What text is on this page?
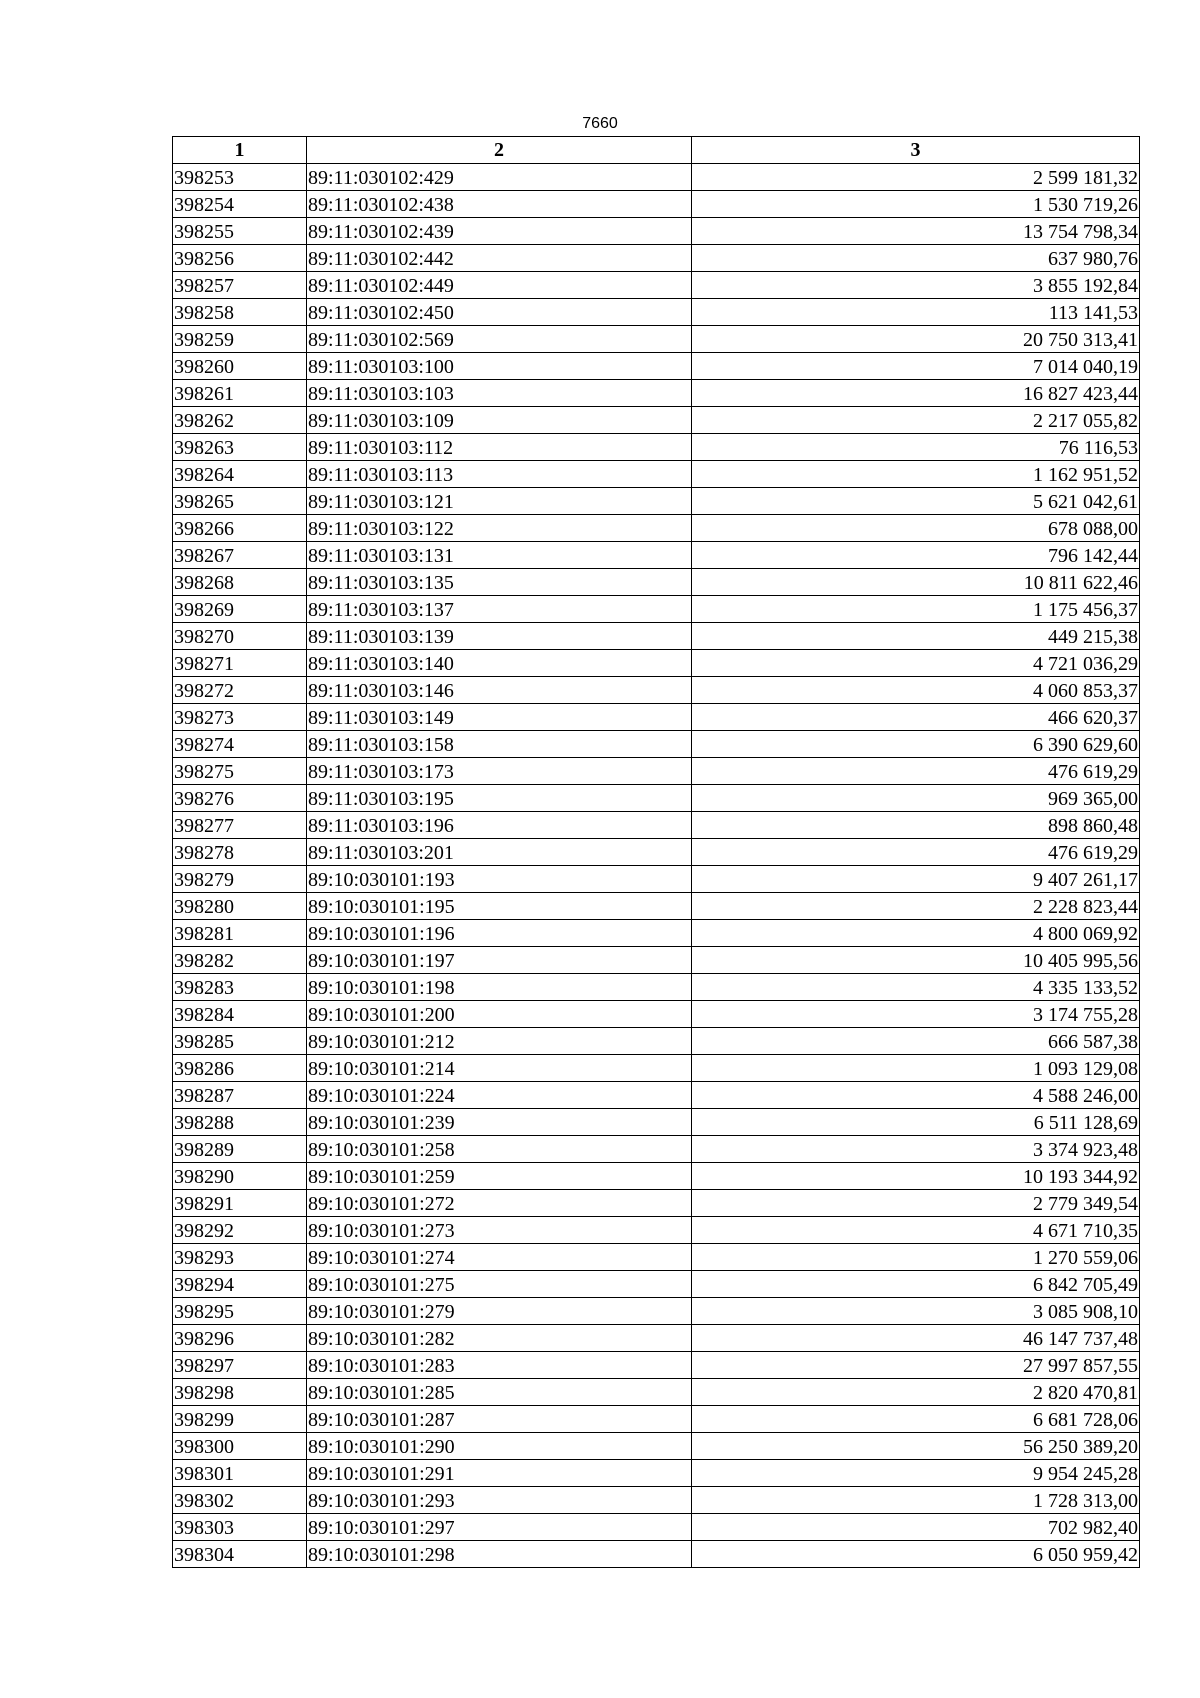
7660
1	2	3
398253	89:11:030102:429	2 599 181,32
398254	89:11:030102:438	1 530 719,26
398255	89:11:030102:439	13 754 798,34
398256	89:11:030102:442	637 980,76
398257	89:11:030102:449	3 855 192,84
398258	89:11:030102:450	113 141,53
398259	89:11:030102:569	20 750 313,41
398260	89:11:030103:100	7 014 040,19
398261	89:11:030103:103	16 827 423,44
398262	89:11:030103:109	2 217 055,82
398263	89:11:030103:112	76 116,53
398264	89:11:030103:113	1 162 951,52
398265	89:11:030103:121	5 621 042,61
398266	89:11:030103:122	678 088,00
398267	89:11:030103:131	796 142,44
398268	89:11:030103:135	10 811 622,46
398269	89:11:030103:137	1 175 456,37
398270	89:11:030103:139	449 215,38
398271	89:11:030103:140	4 721 036,29
398272	89:11:030103:146	4 060 853,37
398273	89:11:030103:149	466 620,37
398274	89:11:030103:158	6 390 629,60
398275	89:11:030103:173	476 619,29
398276	89:11:030103:195	969 365,00
398277	89:11:030103:196	898 860,48
398278	89:11:030103:201	476 619,29
398279	89:10:030101:193	9 407 261,17
398280	89:10:030101:195	2 228 823,44
398281	89:10:030101:196	4 800 069,92
398282	89:10:030101:197	10 405 995,56
398283	89:10:030101:198	4 335 133,52
398284	89:10:030101:200	3 174 755,28
398285	89:10:030101:212	666 587,38
398286	89:10:030101:214	1 093 129,08
398287	89:10:030101:224	4 588 246,00
398288	89:10:030101:239	6 511 128,69
398289	89:10:030101:258	3 374 923,48
398290	89:10:030101:259	10 193 344,92
398291	89:10:030101:272	2 779 349,54
398292	89:10:030101:273	4 671 710,35
398293	89:10:030101:274	1 270 559,06
398294	89:10:030101:275	6 842 705,49
398295	89:10:030101:279	3 085 908,10
398296	89:10:030101:282	46 147 737,48
398297	89:10:030101:283	27 997 857,55
398298	89:10:030101:285	2 820 470,81
398299	89:10:030101:287	6 681 728,06
398300	89:10:030101:290	56 250 389,20
398301	89:10:030101:291	9 954 245,28
398302	89:10:030101:293	1 728 313,00
398303	89:10:030101:297	702 982,40
398304	89:10:030101:298	6 050 959,42
